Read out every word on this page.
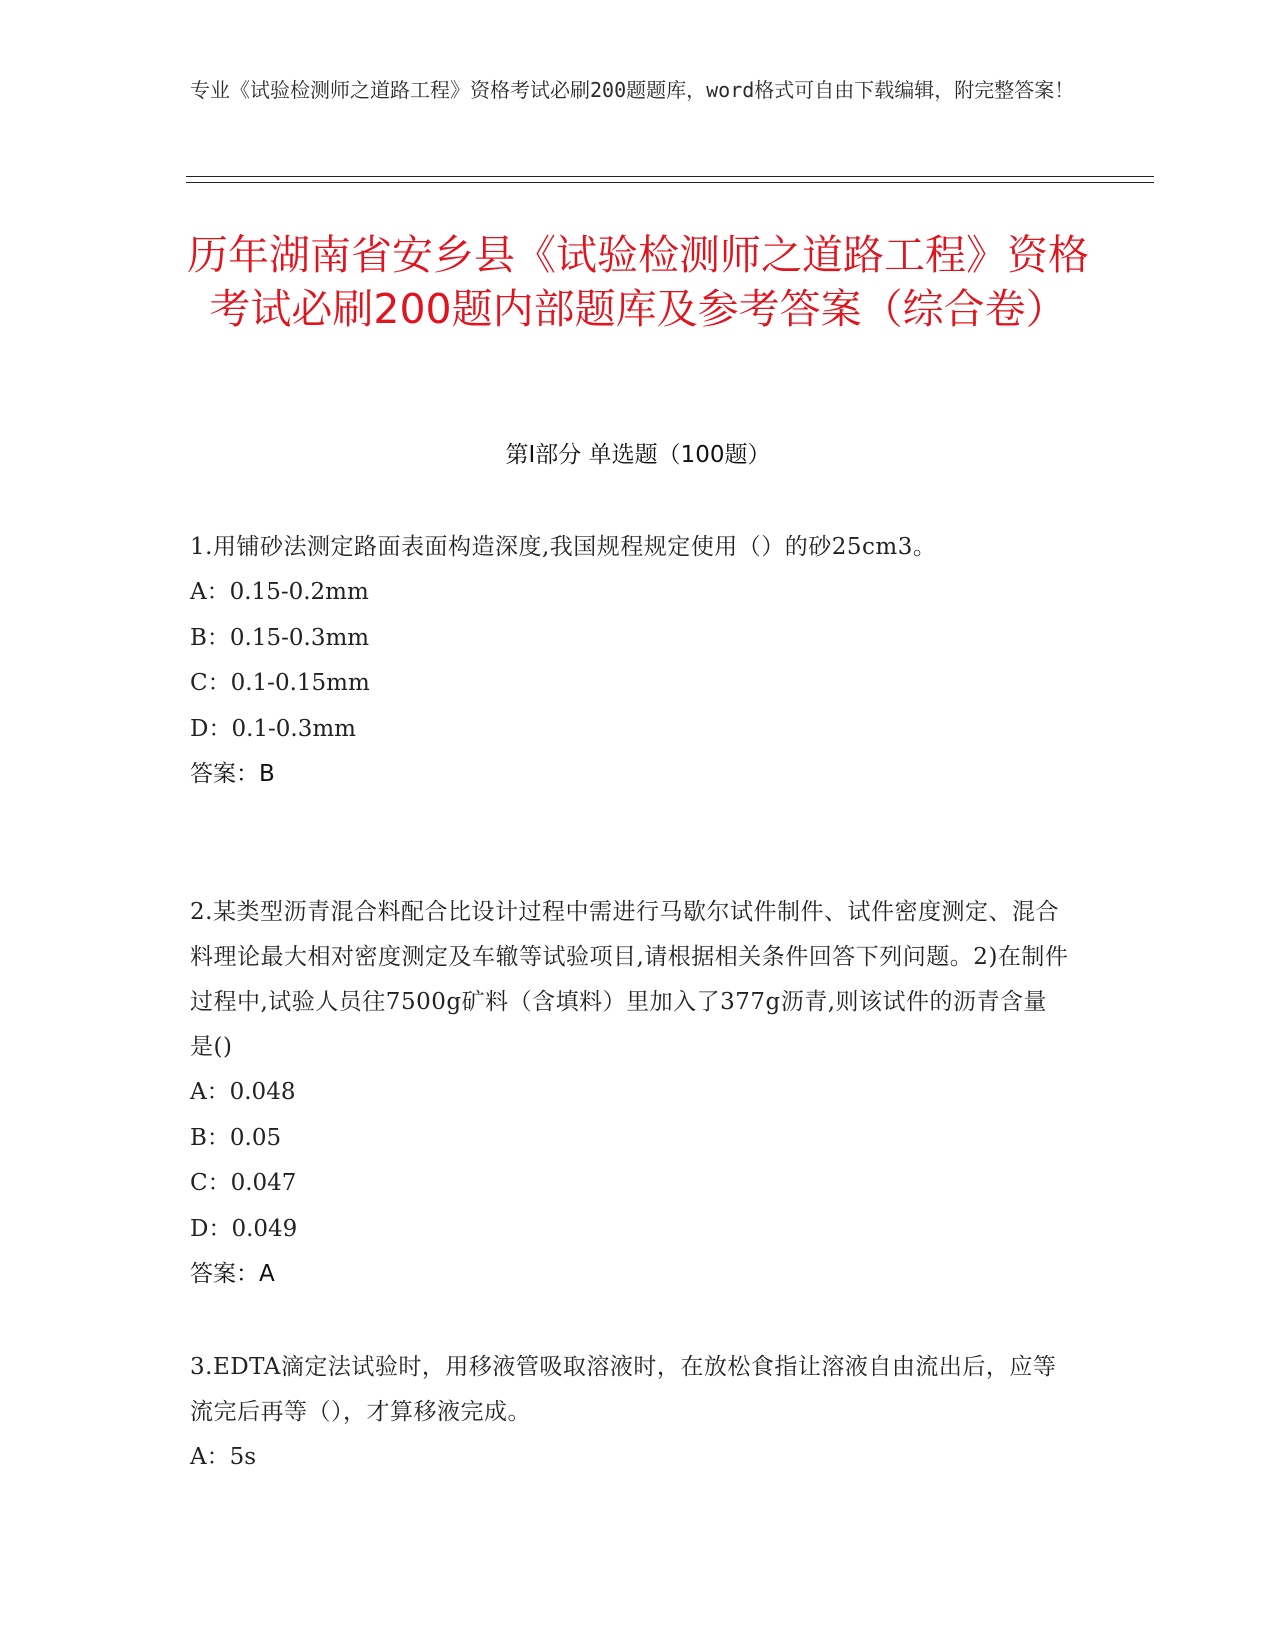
专业《试验检测师之道路工程》资格考试必刷200题题库，word格式可自由下载编辑，附完整答案！
历年湖南省安乡县《试验检测师之道路工程》资格考试必刷200题内部题库及参考答案（综合卷）
第Ⅰ部分 单选题（100题）
1.用铺砂法测定路面表面构造深度,我国规程规定使用（）的砂25cm3。
A：0.15-0.2mm
B：0.15-0.3mm
C：0.1-0.15mm
D：0.1-0.3mm
答案：B
2.某类型沥青混合料配合比设计过程中需进行马歇尔试件制件、试件密度测定、混合料理论最大相对密度测定及车辙等试验项目,请根据相关条件回答下列问题。2)在制件过程中,试验人员往7500g矿料（含填料）里加入了377g沥青,则该试件的沥青含量是()
A：0.048
B：0.05
C：0.047
D：0.049
答案：A
3.EDTA滴定法试验时，用移液管吸取溶液时，在放松食指让溶液自由流出后，应等流完后再等（），才算移液完成。
A：5s
